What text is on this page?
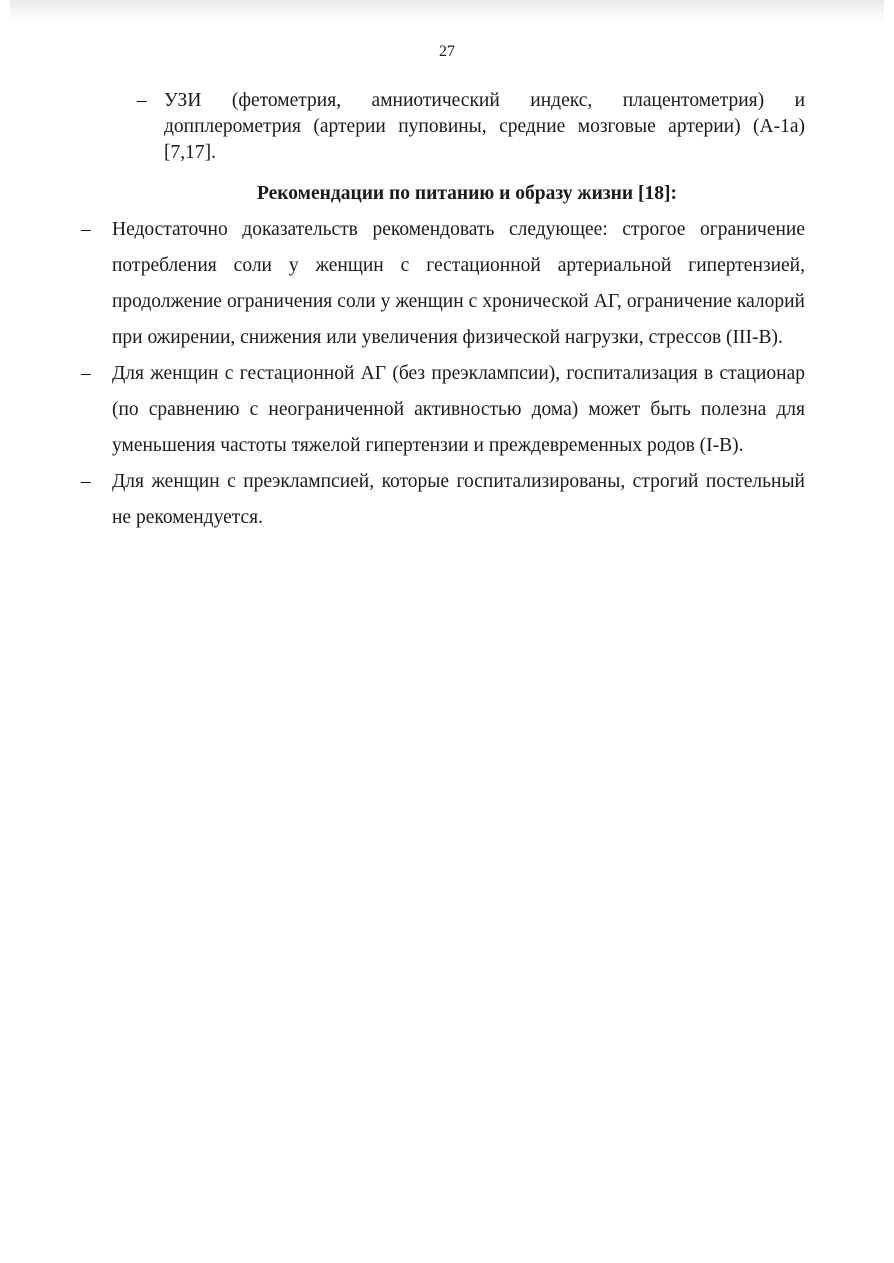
27
– УЗИ (фетометрия, амниотический индекс, плацентометрия) и допплерометрия (артерии пуповины, средние мозговые артерии) (А-1а) [7,17].

Рекомендации по питанию и образу жизни [18]:
–	Недостаточно доказательств рекомендовать следующее: строгое ограничение потребления соли у женщин с гестационной артериальной гипертензией, продолжение ограничения соли у женщин с хронической АГ, ограничение калорий при ожирении, снижения или увеличения физической нагрузки, стрессов (III-B).

–	Для женщин с гестационной АГ (без преэклампсии), госпитализация в стационар (по сравнению с неограниченной активностью дома) может быть полезна для уменьшения частоты тяжелой гипертензии и преждевременных родов (I-B).

–	Для женщин с преэклампсией, которые госпитализированы, строгий постельный не рекомендуется.
